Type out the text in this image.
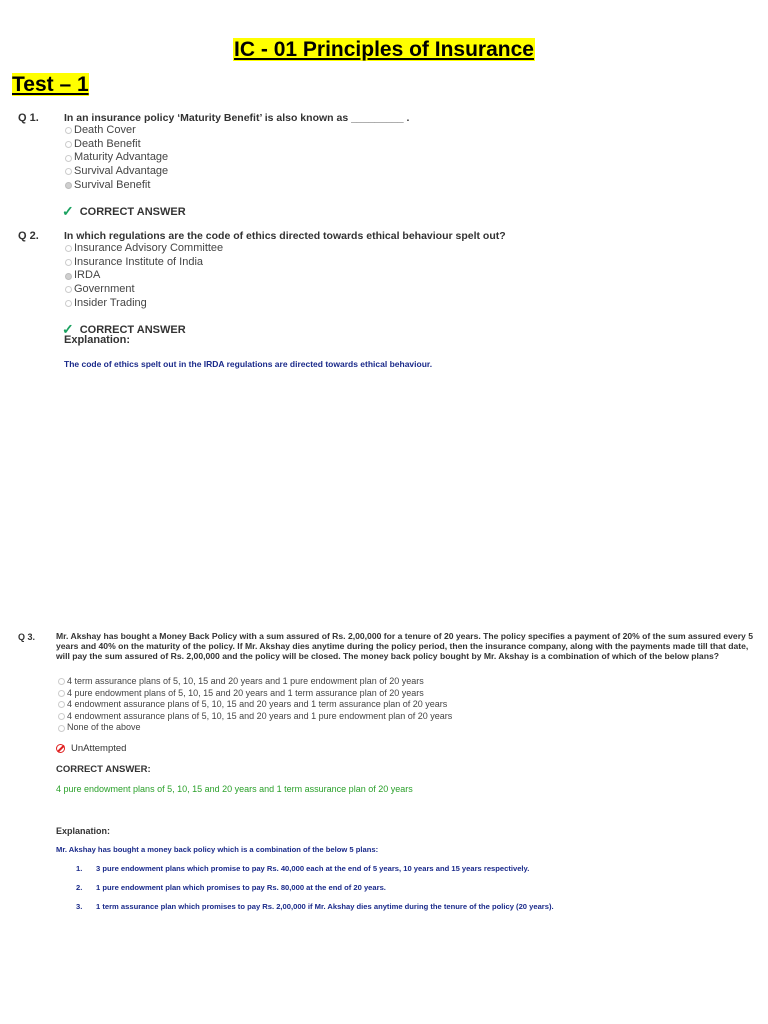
IC - 01 Principles of Insurance
Test – 1
Q 1. In an insurance policy ‘Maturity Benefit’ is also known as _________ .
Death Cover
Death Benefit
Maturity Advantage
Survival Advantage
Survival Benefit
✓ CORRECT ANSWER
Q 2. In which regulations are the code of ethics directed towards ethical behaviour spelt out?
Insurance Advisory Committee
Insurance Institute of India
IRDA
Government
Insider Trading
✓ CORRECT ANSWER
Explanation:
The code of ethics spelt out in the IRDA regulations are directed towards ethical behaviour.
Q 3. Mr. Akshay has bought a Money Back Policy with a sum assured of Rs. 2,00,000 for a tenure of 20 years. The policy specifies a payment of 20% of the sum assured every 5 years and 40% on the maturity of the policy. If Mr. Akshay dies anytime during the policy period, then the insurance company, along with the payments made till that date, will pay the sum assured of Rs. 2,00,000 and the policy will be closed. The money back policy bought by Mr. Akshay is a combination of which of the below plans?
4 term assurance plans of 5, 10, 15 and 20 years and 1 pure endowment plan of 20 years
4 pure endowment plans of 5, 10, 15 and 20 years and 1 term assurance plan of 20 years
4 endowment assurance plans of 5, 10, 15 and 20 years and 1 term assurance plan of 20 years
4 endowment assurance plans of 5, 10, 15 and 20 years and 1 pure endowment plan of 20 years
None of the above
UnAttempted
CORRECT ANSWER:
4 pure endowment plans of 5, 10, 15 and 20 years and 1 term assurance plan of 20 years
Explanation:
Mr. Akshay has bought a money back policy which is a combination of the below 5 plans:
1.	3 pure endowment plans which promise to pay Rs. 40,000 each at the end of 5 years, 10 years and 15 years respectively.
2.	1 pure endowment plan which promises to pay Rs. 80,000 at the end of 20 years.
3.	1 term assurance plan which promises to pay Rs. 2,00,000 if Mr. Akshay dies anytime during the tenure of the policy (20 years).
